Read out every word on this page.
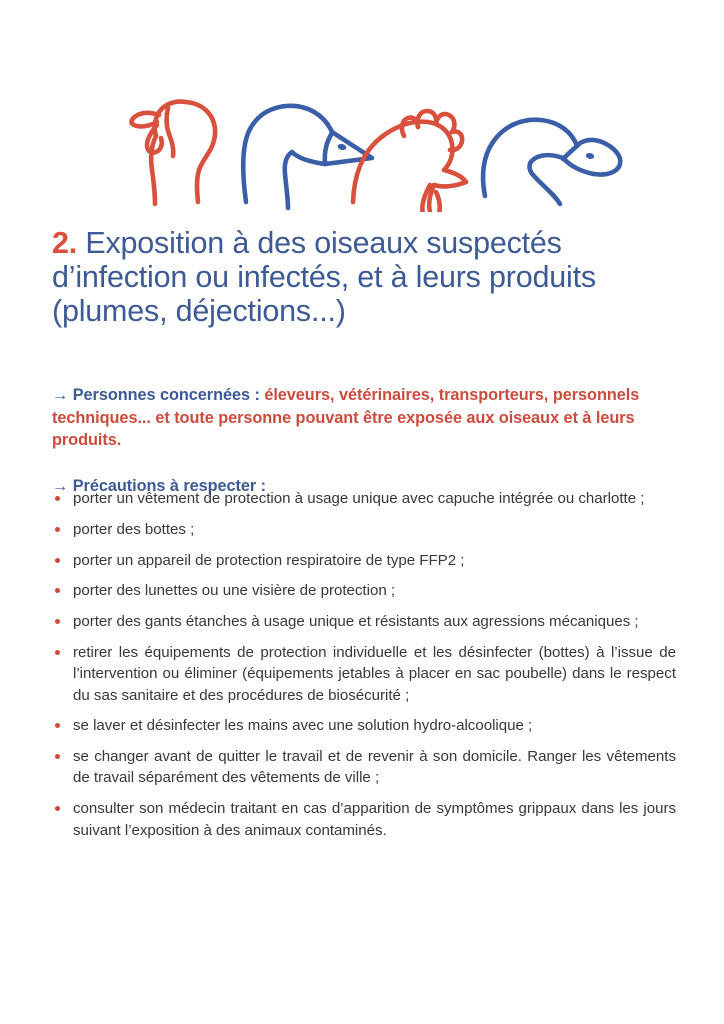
2. Exposition à des oiseaux suspectés d’infection ou infectés, et à leurs produits (plumes, déjections...)

→ Personnes concernées : éleveurs, vétérinaires, transporteurs, personnels techniques... et toute personne pouvant être exposée aux oiseaux et à leurs produits.

→ Précautions à respecter :

porter un vêtement de protection à usage unique avec capuche intégrée ou charlotte ;
porter des bottes ;
porter un appareil de protection respiratoire de type FFP2 ;
porter des lunettes ou une visière de protection ;
porter des gants étanches à usage unique et résistants aux agressions mécaniques ;
retirer les équipements de protection individuelle et les désinfecter (bottes) à l’issue de l’intervention ou éliminer (équipements jetables à placer en sac poubelle) dans le respect du sas sanitaire et des procédures de biosécurité ;
se laver et désinfecter les mains avec une solution hydro-alcoolique ;
se changer avant de quitter le travail et de revenir à son domicile. Ranger les vêtements de travail séparément des vêtements de ville ;
consulter son médecin traitant en cas d’apparition de symptômes grippaux dans les jours suivant l’exposition à des animaux contaminés.
